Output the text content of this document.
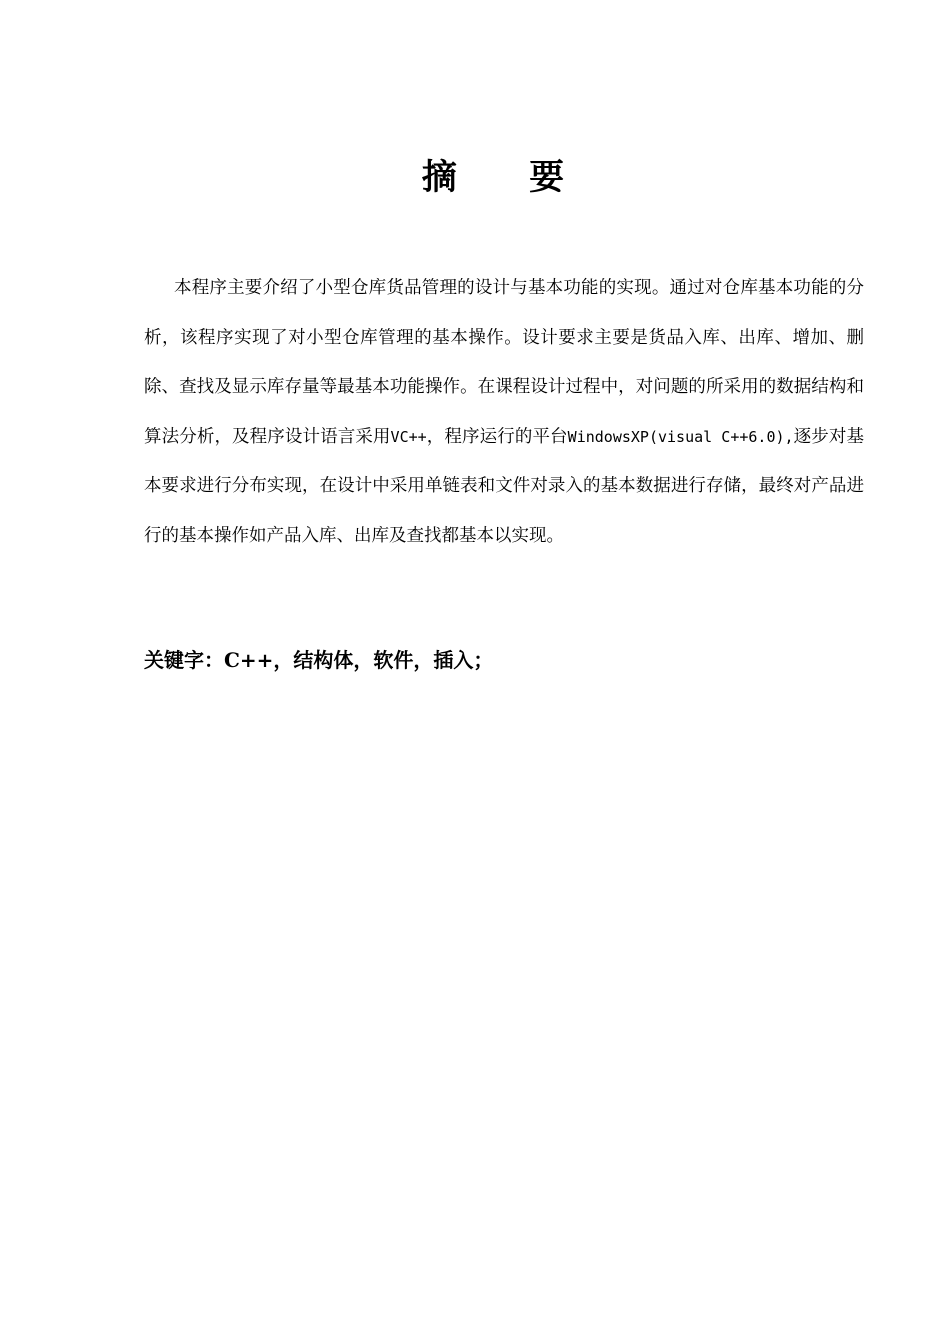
摘 要

本程序主要介绍了小型仓库货品管理的设计与基本功能的实现。通过对仓库基本功能的分析，该程序实现了对小型仓库管理的基本操作。设计要求主要是货品入库、出库、增加、删除、查找及显示库存量等最基本功能操作。在课程设计过程中，对问题的所采用的数据结构和算法分析，及程序设计语言采用VC++，程序运行的平台WindowsXP(visual C++6.0),逐步对基本要求进行分布实现，在设计中采用单链表和文件对录入的基本数据进行存储，最终对产品进行的基本操作如产品入库、出库及查找都基本以实现。

关键字：C++，结构体，软件，插入；
